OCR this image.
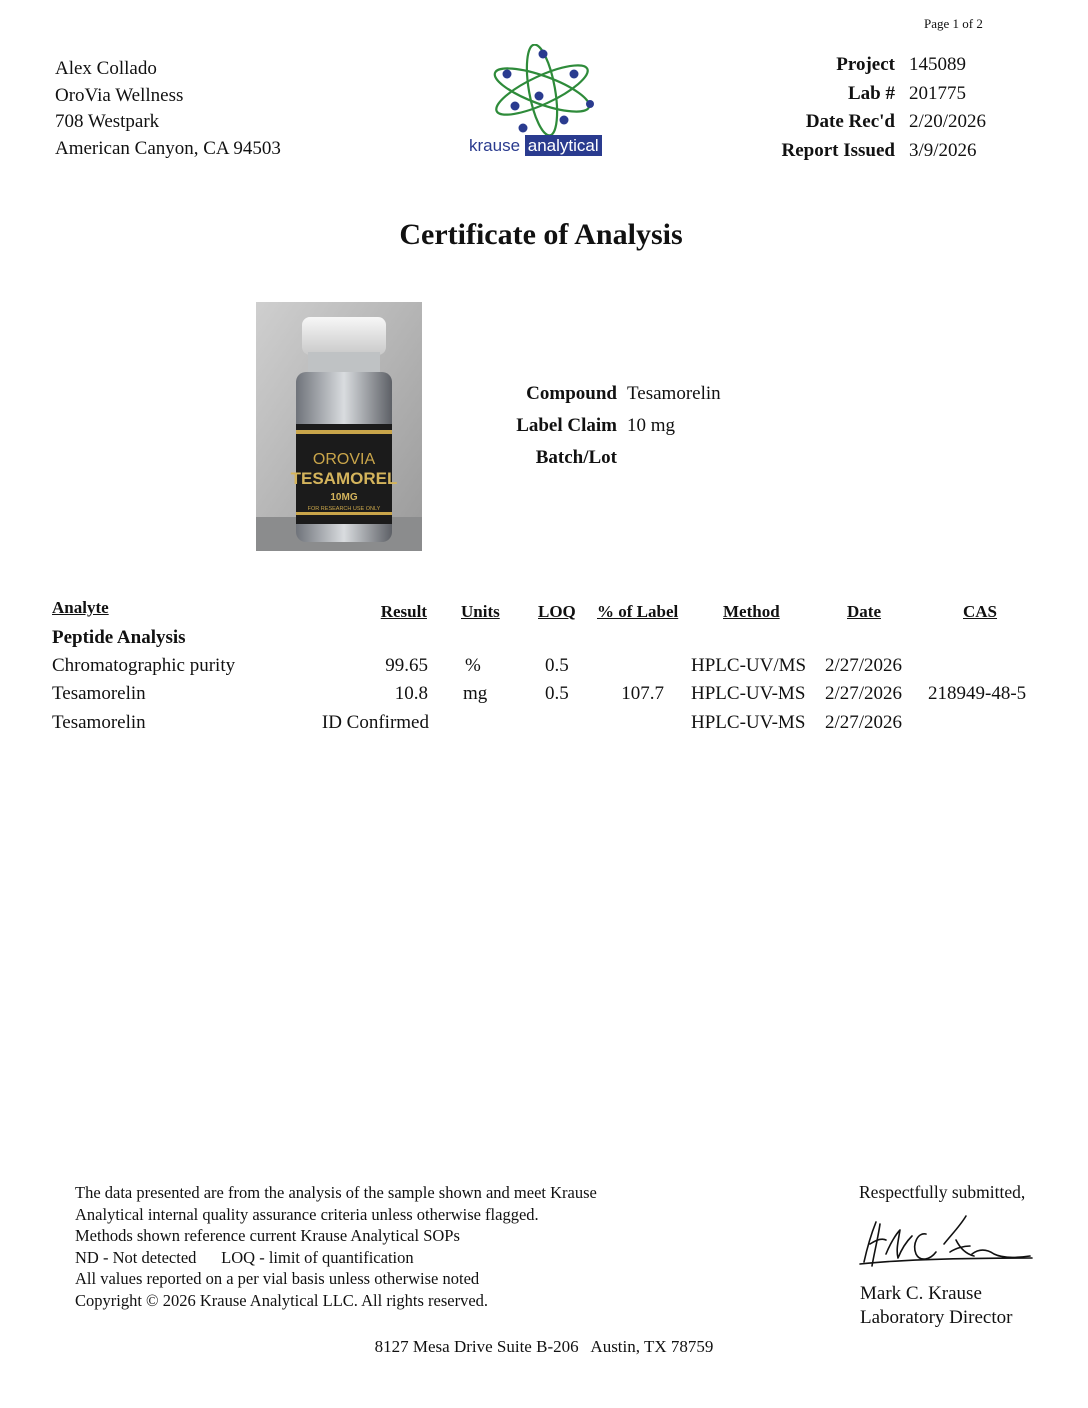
Page 1 of 2
Alex Collado
OroVia Wellness
708 Westpark
American Canyon, CA 94503	krause analytical
Project 145089
Lab # 201775
Date Rec'd 2/20/2026
Report Issued 3/9/2026
Certificate of Analysis
OROVIA
TESAMOREL
10MG
FOR RESEARCH USE ONLY
Compound Tesamorelin
Label Claim 10 mg
Batch/Lot
Analyte	Result Units LOQ % of Label	Method	Date	CAS
Peptide Analysis
Chromatographic purity	99.65 %	0.5	HPLC-UV/MS 2/27/2026
Tesamorelin	10.8 mg	0.5	107.7 HPLC-UV-MS 2/27/2026 218949-48-5
Tesamorelin	ID Confirmed	HPLC-UV-MS 2/27/2026
The data presented are from the analysis of the sample shown and meet Krause
Analytical internal quality assurance criteria unless otherwise flagged.
Methods shown reference current Krause Analytical SOPs
ND - Not detected      LOQ - limit of quantification
All values reported on a per vial basis unless otherwise noted
Copyright © 2026 Krause Analytical LLC. All rights reserved.
Respectfully submitted,
Mark C. Krause
Laboratory Director
8127 Mesa Drive Suite B-206   Austin, TX 78759
